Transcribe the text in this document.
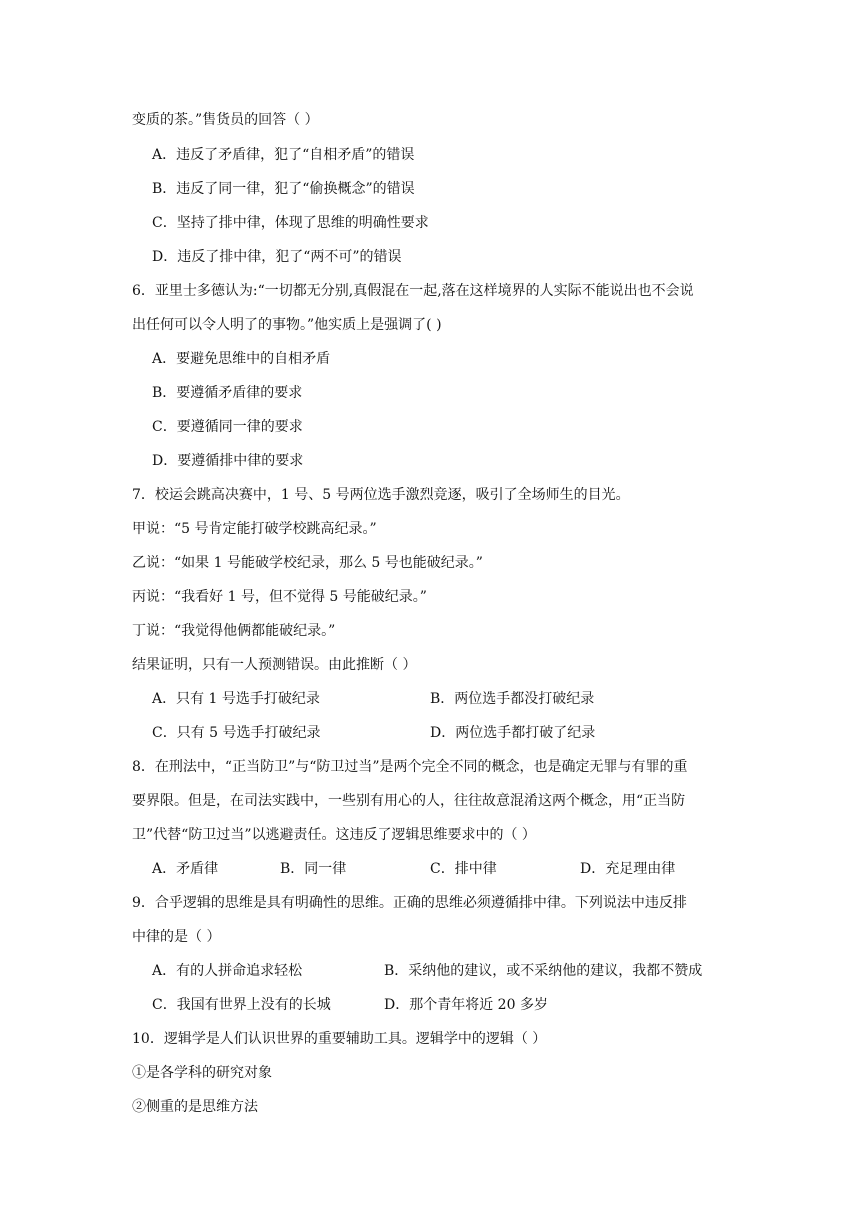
变质的茶。”售货员的回答（ ）
A．违反了矛盾律，犯了“自相矛盾”的错误
B．违反了同一律，犯了“偷换概念”的错误
C．坚持了排中律，体现了思维的明确性要求
D．违反了排中律，犯了“两不可”的错误
6．亚里士多德认为:“一切都无分别,真假混在一起,落在这样境界的人实际不能说出也不会说
出任何可以令人明了的事物。”他实质上是强调了( )
A．要避免思维中的自相矛盾
B．要遵循矛盾律的要求
C．要遵循同一律的要求
D．要遵循排中律的要求
7．校运会跳高决赛中，1 号、5 号两位选手激烈竞逐，吸引了全场师生的目光。
甲说：“5 号肯定能打破学校跳高纪录。”
乙说：“如果 1 号能破学校纪录，那么 5 号也能破纪录。”
丙说：“我看好 1 号，但不觉得 5 号能破纪录。”
丁说：“我觉得他俩都能破纪录。”
结果证明，只有一人预测错误。由此推断（ ）
A．只有 1 号选手打破纪录	B．两位选手都没打破纪录
C．只有 5 号选手打破纪录	D．两位选手都打破了纪录
8．在刑法中，“正当防卫”与“防卫过当”是两个完全不同的概念，也是确定无罪与有罪的重
要界限。但是，在司法实践中，一些别有用心的人，往往故意混淆这两个概念，用“正当防
卫”代替“防卫过当”以逃避责任。这违反了逻辑思维要求中的（ ）
A．矛盾律	B．同一律	C．排中律	D．充足理由律
9．合乎逻辑的思维是具有明确性的思维。正确的思维必须遵循排中律。下列说法中违反排
中律的是（ ）
A．有的人拼命追求轻松	B．采纳他的建议，或不采纳他的建议，我都不赞成
C．我国有世界上没有的长城	D．那个青年将近 20 多岁
10．逻辑学是人们认识世界的重要辅助工具。逻辑学中的逻辑（ ）
①是各学科的研究对象
②侧重的是思维方法
